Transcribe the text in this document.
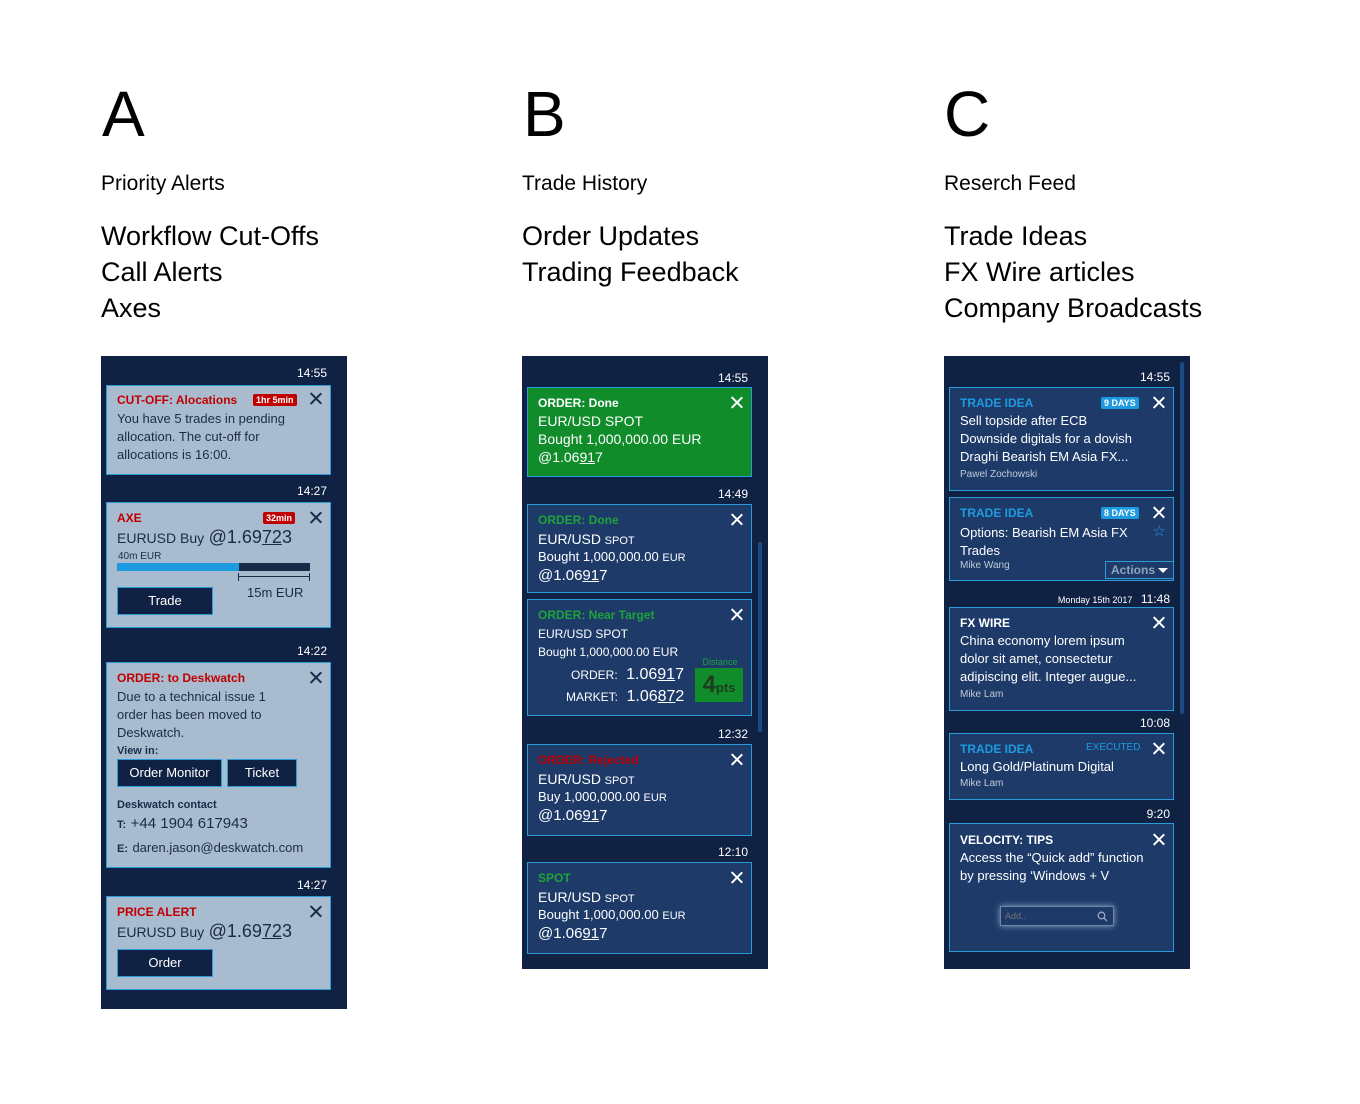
A
Priority Alerts
Workflow Cut-Offs
Call Alerts
Axes
B
Trade History
Order Updates
Trading Feedback
C
Reserch Feed
Trade Ideas
FX Wire articles
Company Broadcasts
14:55
CUT-OFF: Alocations	1hr 5min
You have 5 trades in pending
allocation. The cut-off for
allocations is 16:00.
14:27
AXE	32min
EURUSD Buy @1.69723
40m EUR
15m EUR
Trade
14:22
ORDER: to Deskwatch
Due to a technical issue 1
order has been moved to
Deskwatch.
View in:
Order Monitor	Ticket
Deskwatch contact
T: +44 1904 617943
E: daren.jason@deskwatch.com
14:27
PRICE ALERT
EURUSD Buy @1.69723
Order
14:55
ORDER: Done
EUR/USD SPOT
Bought 1,000,000.00 EUR
@1.06917
14:49
ORDER: Done
EUR/USD SPOT
Bought 1,000,000.00 EUR
@1.06917
ORDER: Near Target
EUR/USD SPOT
Bought 1,000,000.00 EUR
ORDER: 1.06917
MARKET: 1.06872
Distance
4pts
12:32
ORDER: Rejected
EUR/USD SPOT
Buy 1,000,000.00 EUR
@1.06917
12:10
SPOT
EUR/USD SPOT
Bought 1,000,000.00 EUR
@1.06917
14:55
TRADE IDEA	9 DAYS
Sell topside after ECB
Downside digitals for a dovish
Draghi Bearish EM Asia FX...
Pawel Zochowski
TRADE IDEA	8 DAYS
☆
Options: Bearish EM Asia FX
Trades
Mike Wang	Actions
Monday 15th 2017 11:48
FX WIRE
China economy lorem ipsum
dolor sit amet, consectetur
adipiscing elit. Integer augue...
Mike Lam
10:08
TRADE IDEA	EXECUTED
Long Gold/Platinum Digital
Mike Lam
9:20
VELOCITY: TIPS
Access the “Quick add” function
by pressing ‘Windows + V
Add..
